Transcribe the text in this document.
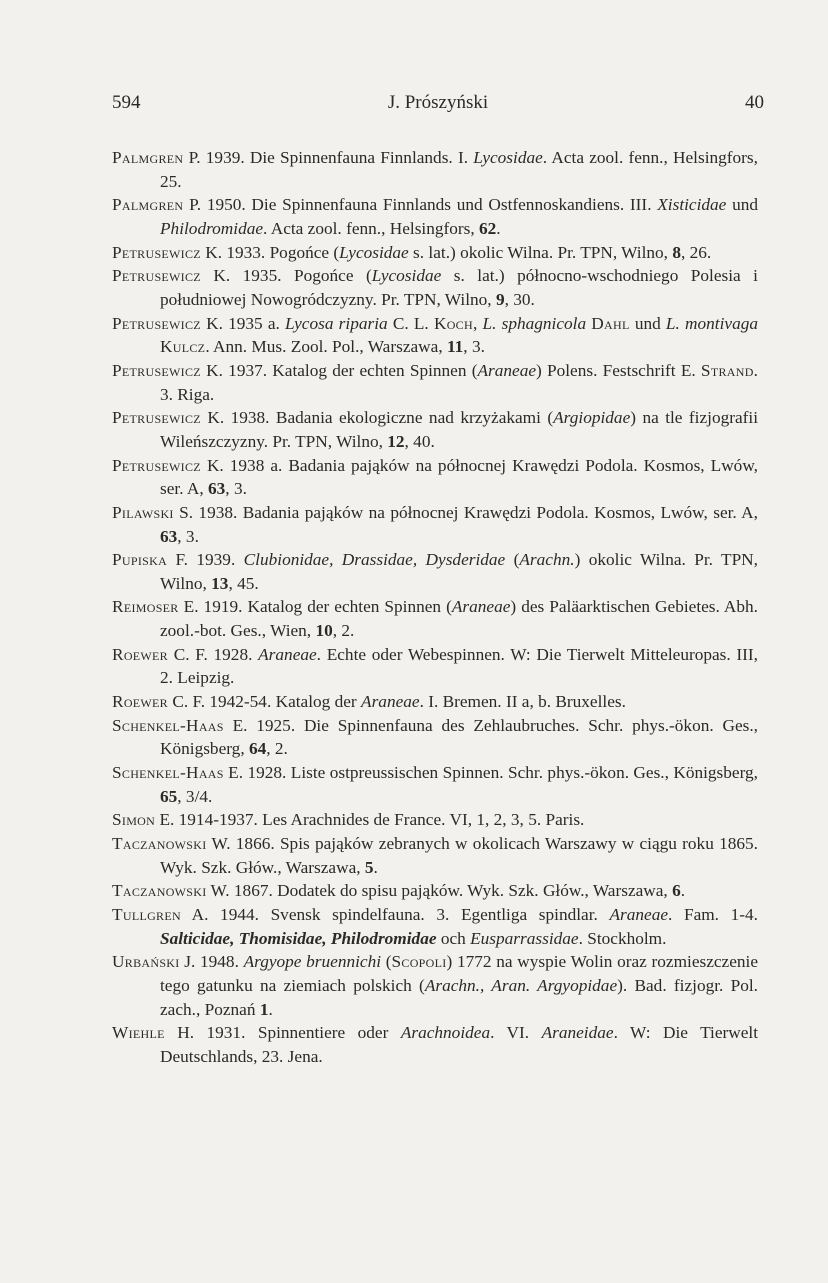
594	J. Prószyński	40
Palmgren P. 1939. Die Spinnenfauna Finnlands. I. Lycosidae. Acta zool. fenn., Helsingfors, 25.
Palmgren P. 1950. Die Spinnenfauna Finnlands und Ostfennoskandiens. III. Xisticidae und Philodromidae. Acta zool. fenn., Helsingfors, 62.
Petrusewicz K. 1933. Pogońce (Lycosidae s. lat.) okolic Wilna. Pr. TPN, Wilno, 8, 26.
Petrusewicz K. 1935. Pogońce (Lycosidae s. lat.) północno-wschodniego Polesia i południowej Nowogródczyzny. Pr. TPN, Wilno, 9, 30.
Petrusewicz K. 1935 a. Lycosa riparia C. L. Koch, L. sphagnicola Dahl und L. montivaga Kulcz. Ann. Mus. Zool. Pol., Warszawa, 11, 3.
Petrusewicz K. 1937. Katalog der echten Spinnen (Araneae) Polens. Festschrift E. Strand. 3. Riga.
Petrusewicz K. 1938. Badania ekologiczne nad krzyżakami (Argiopidae) na tle fizjografii Wileńszczyzny. Pr. TPN, Wilno, 12, 40.
Petrusewicz K. 1938 a. Badania pająków na północnej Krawędzi Podola. Kosmos, Lwów, ser. A, 63, 3.
Pilawski S. 1938. Badania pająków na północnej Krawędzi Podola. Kosmos, Lwów, ser. A, 63, 3.
Pupiska F. 1939. Clubionidae, Drassidae, Dysderidae (Arachn.) okolic Wilna. Pr. TPN, Wilno, 13, 45.
Reimoser E. 1919. Katalog der echten Spinnen (Araneae) des Paläarktischen Gebietes. Abh. zool.-bot. Ges., Wien, 10, 2.
Roewer C. F. 1928. Araneae. Echte oder Webespinnen. W: Die Tierwelt Mitteleuropas. III, 2. Leipzig.
Roewer C. F. 1942-54. Katalog der Araneae. I. Bremen. II a, b. Bruxelles.
Schenkel-Haas E. 1925. Die Spinnenfauna des Zehlaubruches. Schr. phys.-ökon. Ges., Königsberg, 64, 2.
Schenkel-Haas E. 1928. Liste ostpreussischen Spinnen. Schr. phys.-ökon. Ges., Königsberg, 65, 3/4.
Simon E. 1914-1937. Les Arachnides de France. VI, 1, 2, 3, 5. Paris.
Taczanowski W. 1866. Spis pająków zebranych w okolicach Warszawy w ciągu roku 1865. Wyk. Szk. Głów., Warszawa, 5.
Taczanowski W. 1867. Dodatek do spisu pająków. Wyk. Szk. Głów., Warszawa, 6.
Tullgren A. 1944. Svensk spindelfauna. 3. Egentliga spindlar. Araneae. Fam. 1-4. Salticidae, Thomisidae, Philodromidae och Eusparrassidae. Stockholm.
Urbański J. 1948. Argyope bruennichi (Scopoli) 1772 na wyspie Wolin oraz rozmieszczenie tego gatunku na ziemiach polskich (Arachn., Aran. Argyopidae). Bad. fizjogr. Pol. zach., Poznań 1.
Wiehle H. 1931. Spinnentiere oder Arachnoidea. VI. Araneidae. W: Die Tierwelt Deutschlands, 23. Jena.
